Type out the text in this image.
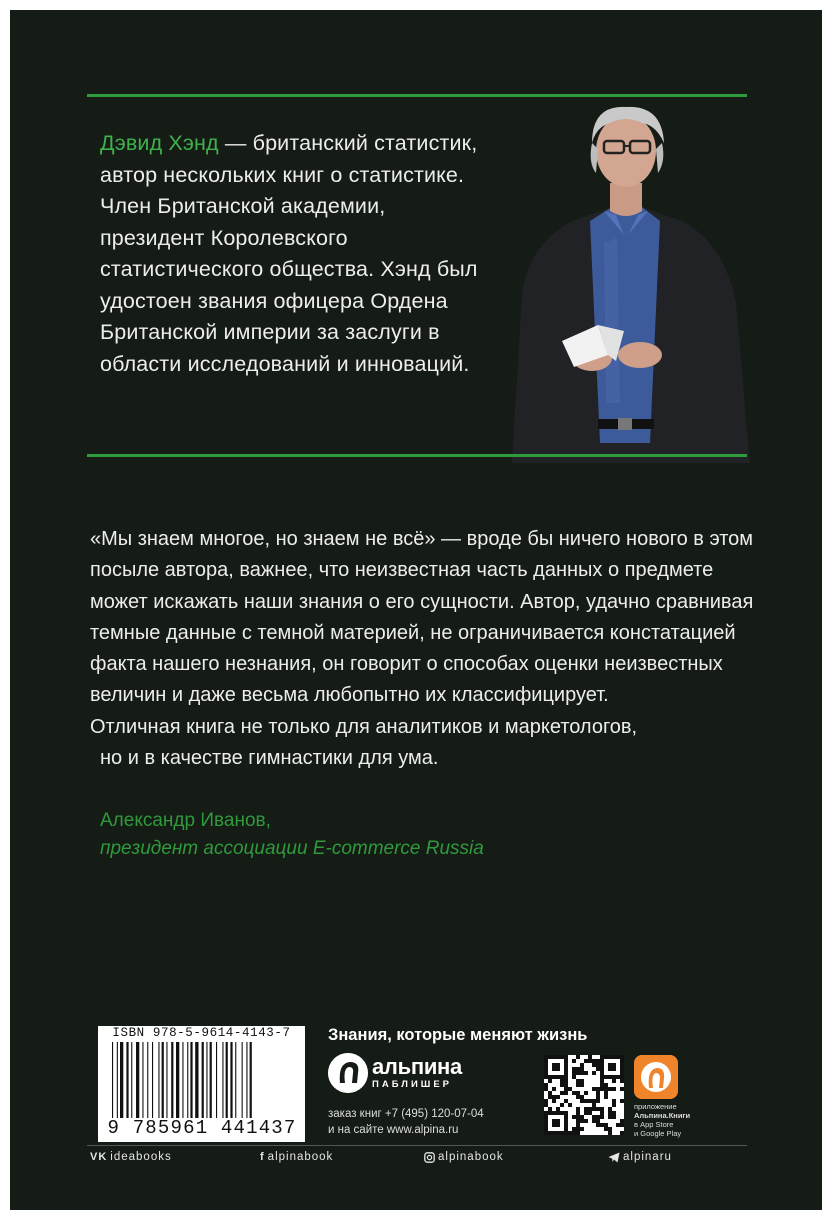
Дэвид Хэнд — британский статистик, автор нескольких книг о статистике. Член Британской академии, президент Королевского статистического общества. Хэнд был удостоен звания офицера Ордена Британской империи за заслуги в области исследований и инноваций.

«Мы знаем многое, но знаем не всё» — вроде бы ничего нового в этом посыле автора, важнее, что неизвестная часть данных о предмете может искажать наши знания о его сущности. Автор, удачно сравнивая темные данные с темной материей, не ограничивается констатацией факта нашего незнания, он говорит о способах оценки неизвестных величин и даже весьма любопытно их классифицирует.

Отличная книга не только для аналитиков и маркетологов,

но и в качестве гимнастики для ума.

Александр Иванов,
президент ассоциации E-commerce Russia
ISBN 978-5-9614-4143-7
9 785961 441437
Знания, которые меняют жизнь
альпина
ПАБЛИШЕР
заказ книг +7 (495) 120-07-04
и на сайте www.alpina.ru
приложение
Альпина.Книги
в App Store
и Google Play
VK ideabooks	f alpinabook	alpinabook	alpinaru
